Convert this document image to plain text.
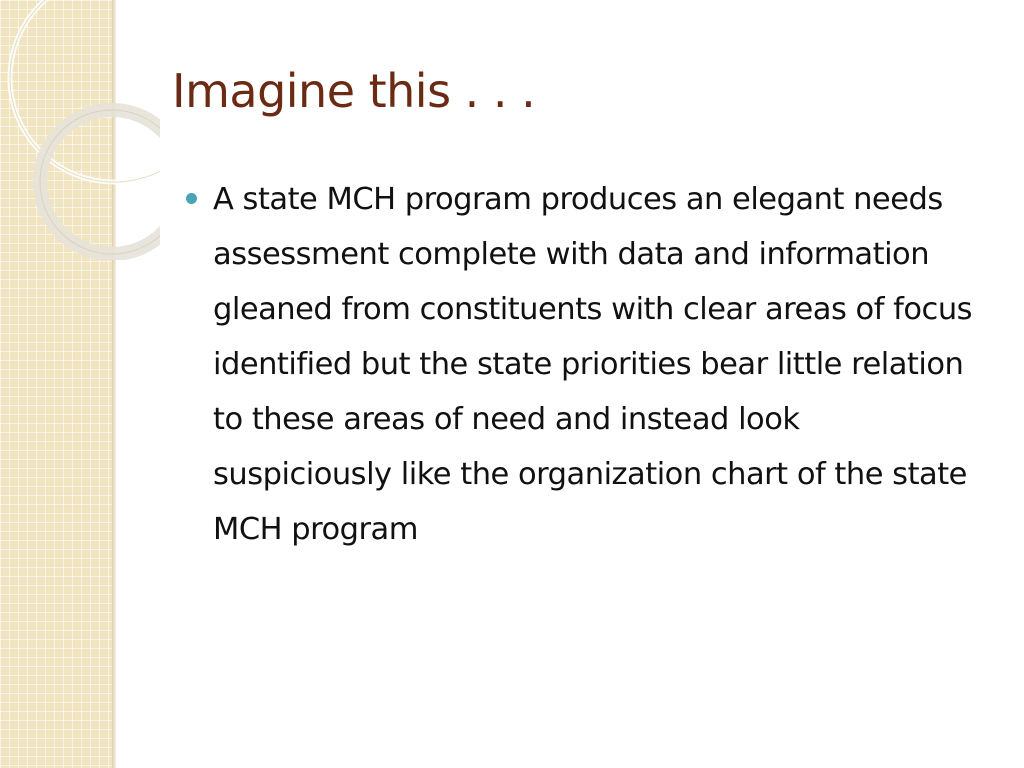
Imagine this . . .
A state MCH program produces an elegant needs assessment complete with data and information gleaned from constituents with clear areas of focus identified but the state priorities bear little relation to these areas of need and instead look suspiciously like the organization chart of the state MCH program
